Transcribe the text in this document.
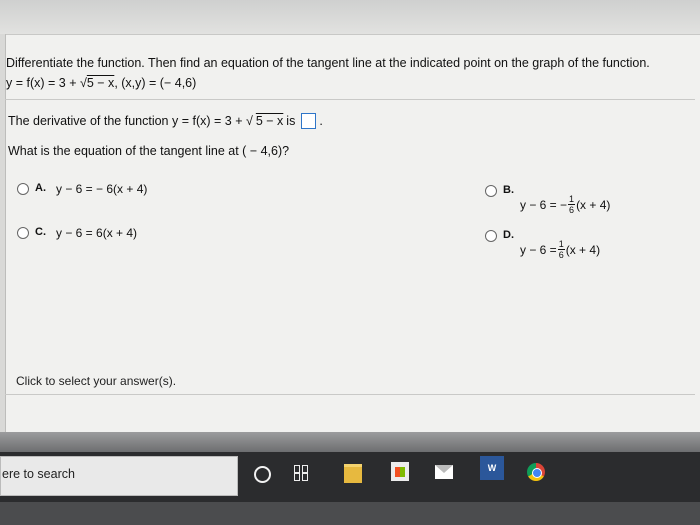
Differentiate the function. Then find an equation of the tangent line at the indicated point on the graph of the function.
y = f(x) = 3 + √5 − x, (x,y) = (− 4,6)
The derivative of the function y = f(x) = 3 + √ 5 − x is .
What is the equation of the tangent line at ( − 4,6)?
A. y − 6 = − 6(x + 4)	B.
y − 6 = − $\frac{1}{6} (x + 4)$
C. y − 6 = 6(x + 4)	D.
$y - 6 = \frac{1}{6} (x + 4)$
Click to select your answer(s).
ere to search	W
